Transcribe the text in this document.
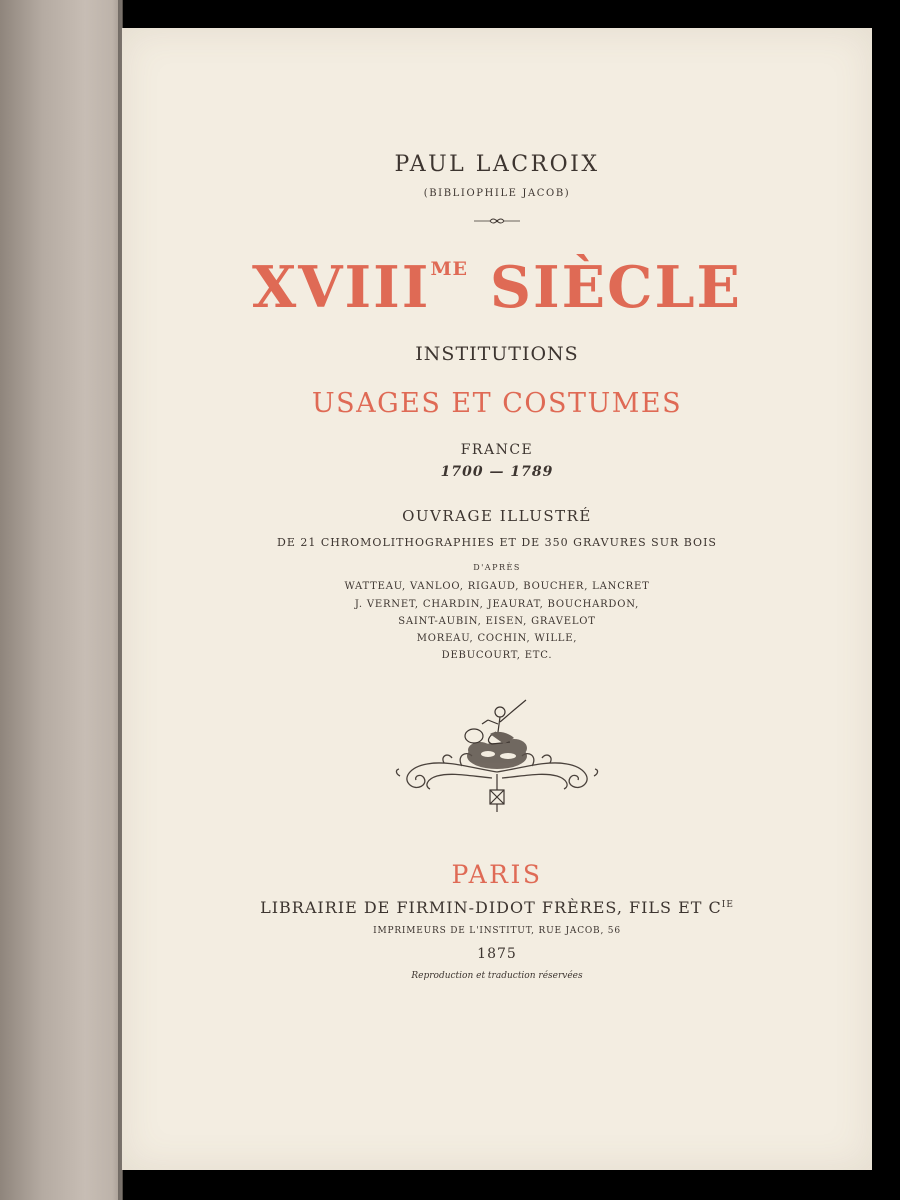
PAUL LACROIX
(BIBLIOPHILE JACOB)
$XVIII^{ME}$ SIÈCLE
INSTITUTIONS
USAGES ET COSTUMES
FRANCE
1700 — 1789
OUVRAGE ILLUSTRÉ
DE 21 CHROMOLITHOGRAPHIES ET DE 350 GRAVURES SUR BOIS
D'APRÈS
WATTEAU, VANLOO, RIGAUD, BOUCHER, LANCRET
J. VERNET, CHARDIN, JEAURAT, BOUCHARDON,
SAINT-AUBIN, EISEN, GRAVELOT
MOREAU, COCHIN, WILLE,
DEBUCOURT, ETC.
PARIS
LIBRAIRIE DE FIRMIN-DIDOT FRÈRES, FILS ET $C^{IE}$
IMPRIMEURS DE L'INSTITUT, RUE JACOB, 56
1875
Reproduction et traduction réservées
